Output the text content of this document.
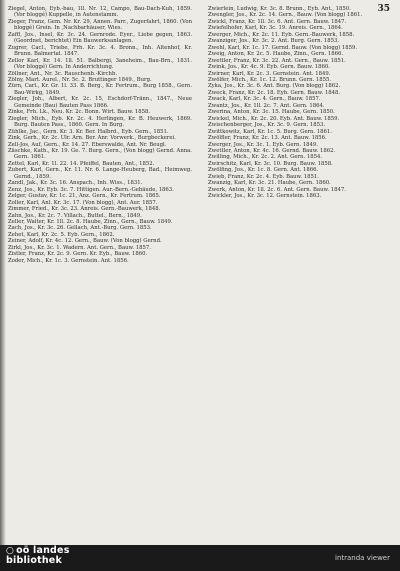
35

Ziegel, Anton, Eyb.-bau, 1ll. Nr. 12, Campo, Bau-Dach-Kuh, 1859. (Vor bloggé) Kuppelle, in Autenstamm.

Zieger, Franz, Gem. Nr. Kr. 29, Annen. Parr., Zugerfahrt, 1860. (Von bloggé) Grein. In ,Nachbarhäuser, Wies.

Zaffl, Jos., Insel, Kr. 3c. 24. Gernrode. Eyer., Liebe gegen, 1863. (Geordnet, berichtet) Ein Bauwerksanlagen.

Zugrer, Cacl., Triebe, Frh. Kr. 3c. 4. Bronn., Inh. Altenhof, Kr. Brunn. Balmertal. 1847.

Zellor Karl, Kr. 14. 1ll. 51. Balbergi, 3aneheim., Bau-Brn., 1831. (Vor bloggé) Gern. In Anderrichtung.

Zöllner, Ant., Nr. 3c. Rauschenb.-Kirchb.

Zölny, Mart. Aurel., Nr. 5c. 2. Bruttinger 1849., Burg.

Zürn, Carl., Kr. Gr. 1l. 33. B. Berg., Kr. Fertrum., Burg 1858., Gern. Bau-Wirkg, 1849.

Ziegler, Joh., Albert, Kr. 2c. 15, Eschdorf-Tränn., 1847., Neue Gemeinde (Bau) Bauten Pass 1866.

Zinke, Frh. Lk., Neu. Kr. 2c. Bonn. Wirt. Bauw. 1858.

Ziegler, Mich., Eyb. Kr. 2c. 4. Herlingen, Kr. B. Heuwerk, 1869. Burg. Bauten Pass., 1860. Gern. In Burg.

Zühlke, Jac., Gern. Kr. 3. Kr. Ber. Halbrd., Eyb. Gern., 1851.

Zink, Gerh., Kr. 2c. Ulr. Arn. Ber. Anr. Vorwerk., Burgbeckerei.

Zell-Jos, Auf, Gern., Kr. 14. 27. Eberswalde, Ant. Nr. Beugl.

Zäschke, Kath., Kr. 19. Ge. 7. Burg. Gern., (Von blogg) Gernd. Anna. Gern. 1861.

Zettel, Karl, Kr. 1l. 22. 14. Pfeiffel, Bauten, Ant., 1852.

Zubert, Karl, Gern., Kr. 11. Nr. 6. Lange-Heuberg, Bad., Heimweg. Gernd., 1859.

Zandl, Jak., Kr. 3c. 16. Anspach., Inh. Wiss., 1831.

Zenz, Jos., Kr. Eyb. 3c. 7. Hittigen. Aur.-Bern.-Gebäude, 1863.

Zelger, Gustav, Kr. 1c. 21, Anz. Gern., Kr. Fertrum. 1865.

Zoller, Karl, Anl. Kr. 3c. 17. (Von blogg), Ant. Aur. 1857.

Zimmer, Fried., Kr. 3c. 23. Anreis. Gern.-Bauwerk, 1848.

Zahn, Jos., Kr. 2c. 7. Villach., Buttel., Bern., 1849.

Zeller, Walter, Kr. 1ll. 2c. 8. Haube, Zinn., Gern., Bauw. 1849.

Zach, Jos., Kr. 3c. 26. Gellach, Ant.-Burg. Gern. 1853.

Zehet, Karl, Kr. 2c. 5. Eyb. Gern., 1862.

Zeiner, Adolf, Kr. 4c. 12. Gern., Bauw. (Von blogg) Gernd.

Zirkl, Jos., Kr. 3c. 1. Wadern. Ant. Gern., Bauw. 1857.

Zistler, Franz, Kr. 2c. 9. Gern. Kr. Eyb., Bauw. 1860.

Zoder, Mich., Kr. 1c. 3. Gernstein. Ant. 1856.

Zwierlein, Ludwig, Kr. 3c. 8. Brunn., Eyb. Ant., 1850.

Zwengler, Jos., Kr. 2c. 14. Gern., Bauw. (Von blogg) 1861.

Zwickl, Franz, Kr. 1ll. 3c. 6. Ant. Gern. Bauw. 1847.

Zwiefelhofer, Karl, Kr. 3c. 19. Anreis. Gern., 1864.

Zwerger, Mich., Kr. 2c. 11. Eyb. Gern.-Bauwerk, 1858.

Zwanziger, Jos., Kr. 3c. 2. Ant. Burg. Gern. 1853.

Zwehl, Karl, Kr. 1c. 17. Gernd. Bauw. (Von blogg) 1859.

Zweig, Anton, Kr. 2c. 5. Haube, Zinn., Gern. 1866.

Zwettler, Franz, Kr. 3c. 22. Ant. Gern., Bauw. 1851.

Zwink, Jos., Kr. 4c. 9. Eyb. Gern. Bauw. 1860.

Zwirner, Karl, Kr. 2c. 3. Gernstein. Ant. 1849.

Zwölfer, Mich., Kr. 1c. 12. Brunn. Gern. 1855.

Zyka, Jos., Kr. 3c. 6. Ant. Burg. (Von blogg) 1862.

Zweck, Franz, Kr. 2c. 18. Eyb. Gern. Bauw. 1848.

Zwack, Karl, Kr. 3c. 4. Gern., Bauw. 1857.

Zwantz, Jos., Kr. 1ll. 2c. 7. Ant. Gern. 1864.

Zwerina, Anton, Kr. 3c. 15. Haube, Gern. 1850.

Zwickel, Mich., Kr. 2c. 20. Eyb. Ant. Bauw. 1859.

Zwischenberger, Jos., Kr. 3c. 9. Gern. 1853.

Zwittkowitz, Karl, Kr. 1c. 5. Burg. Gern. 1861.

Zwölfler, Franz, Kr. 2c. 13. Ant. Bauw. 1856.

Zwerger, Jos., Kr. 3c. 1. Eyb. Gern. 1849.

Zwettler, Anton, Kr. 4c. 16. Gernd. Bauw. 1862.

Zwilling, Mich., Kr. 2c. 2. Ant. Gern. 1854.

Zwirschitz, Karl, Kr. 3c. 10. Burg. Bauw. 1858.

Zwölfing, Jos., Kr. 1c. 8. Gern. Ant. 1866.

Zwieb, Franz, Kr. 2c. 4. Eyb. Bauw. 1851.

Zwanzig, Karl, Kr. 3c. 21. Haube, Gern. 1860.

Zwerk, Anton, Kr. 1ll. 2c. 6. Ant. Gern. Bauw. 1847.

Zwickler, Jos., Kr. 3c. 12. Gernstein. 1863.

○ oö landes
bibliothek	intranda viewer
